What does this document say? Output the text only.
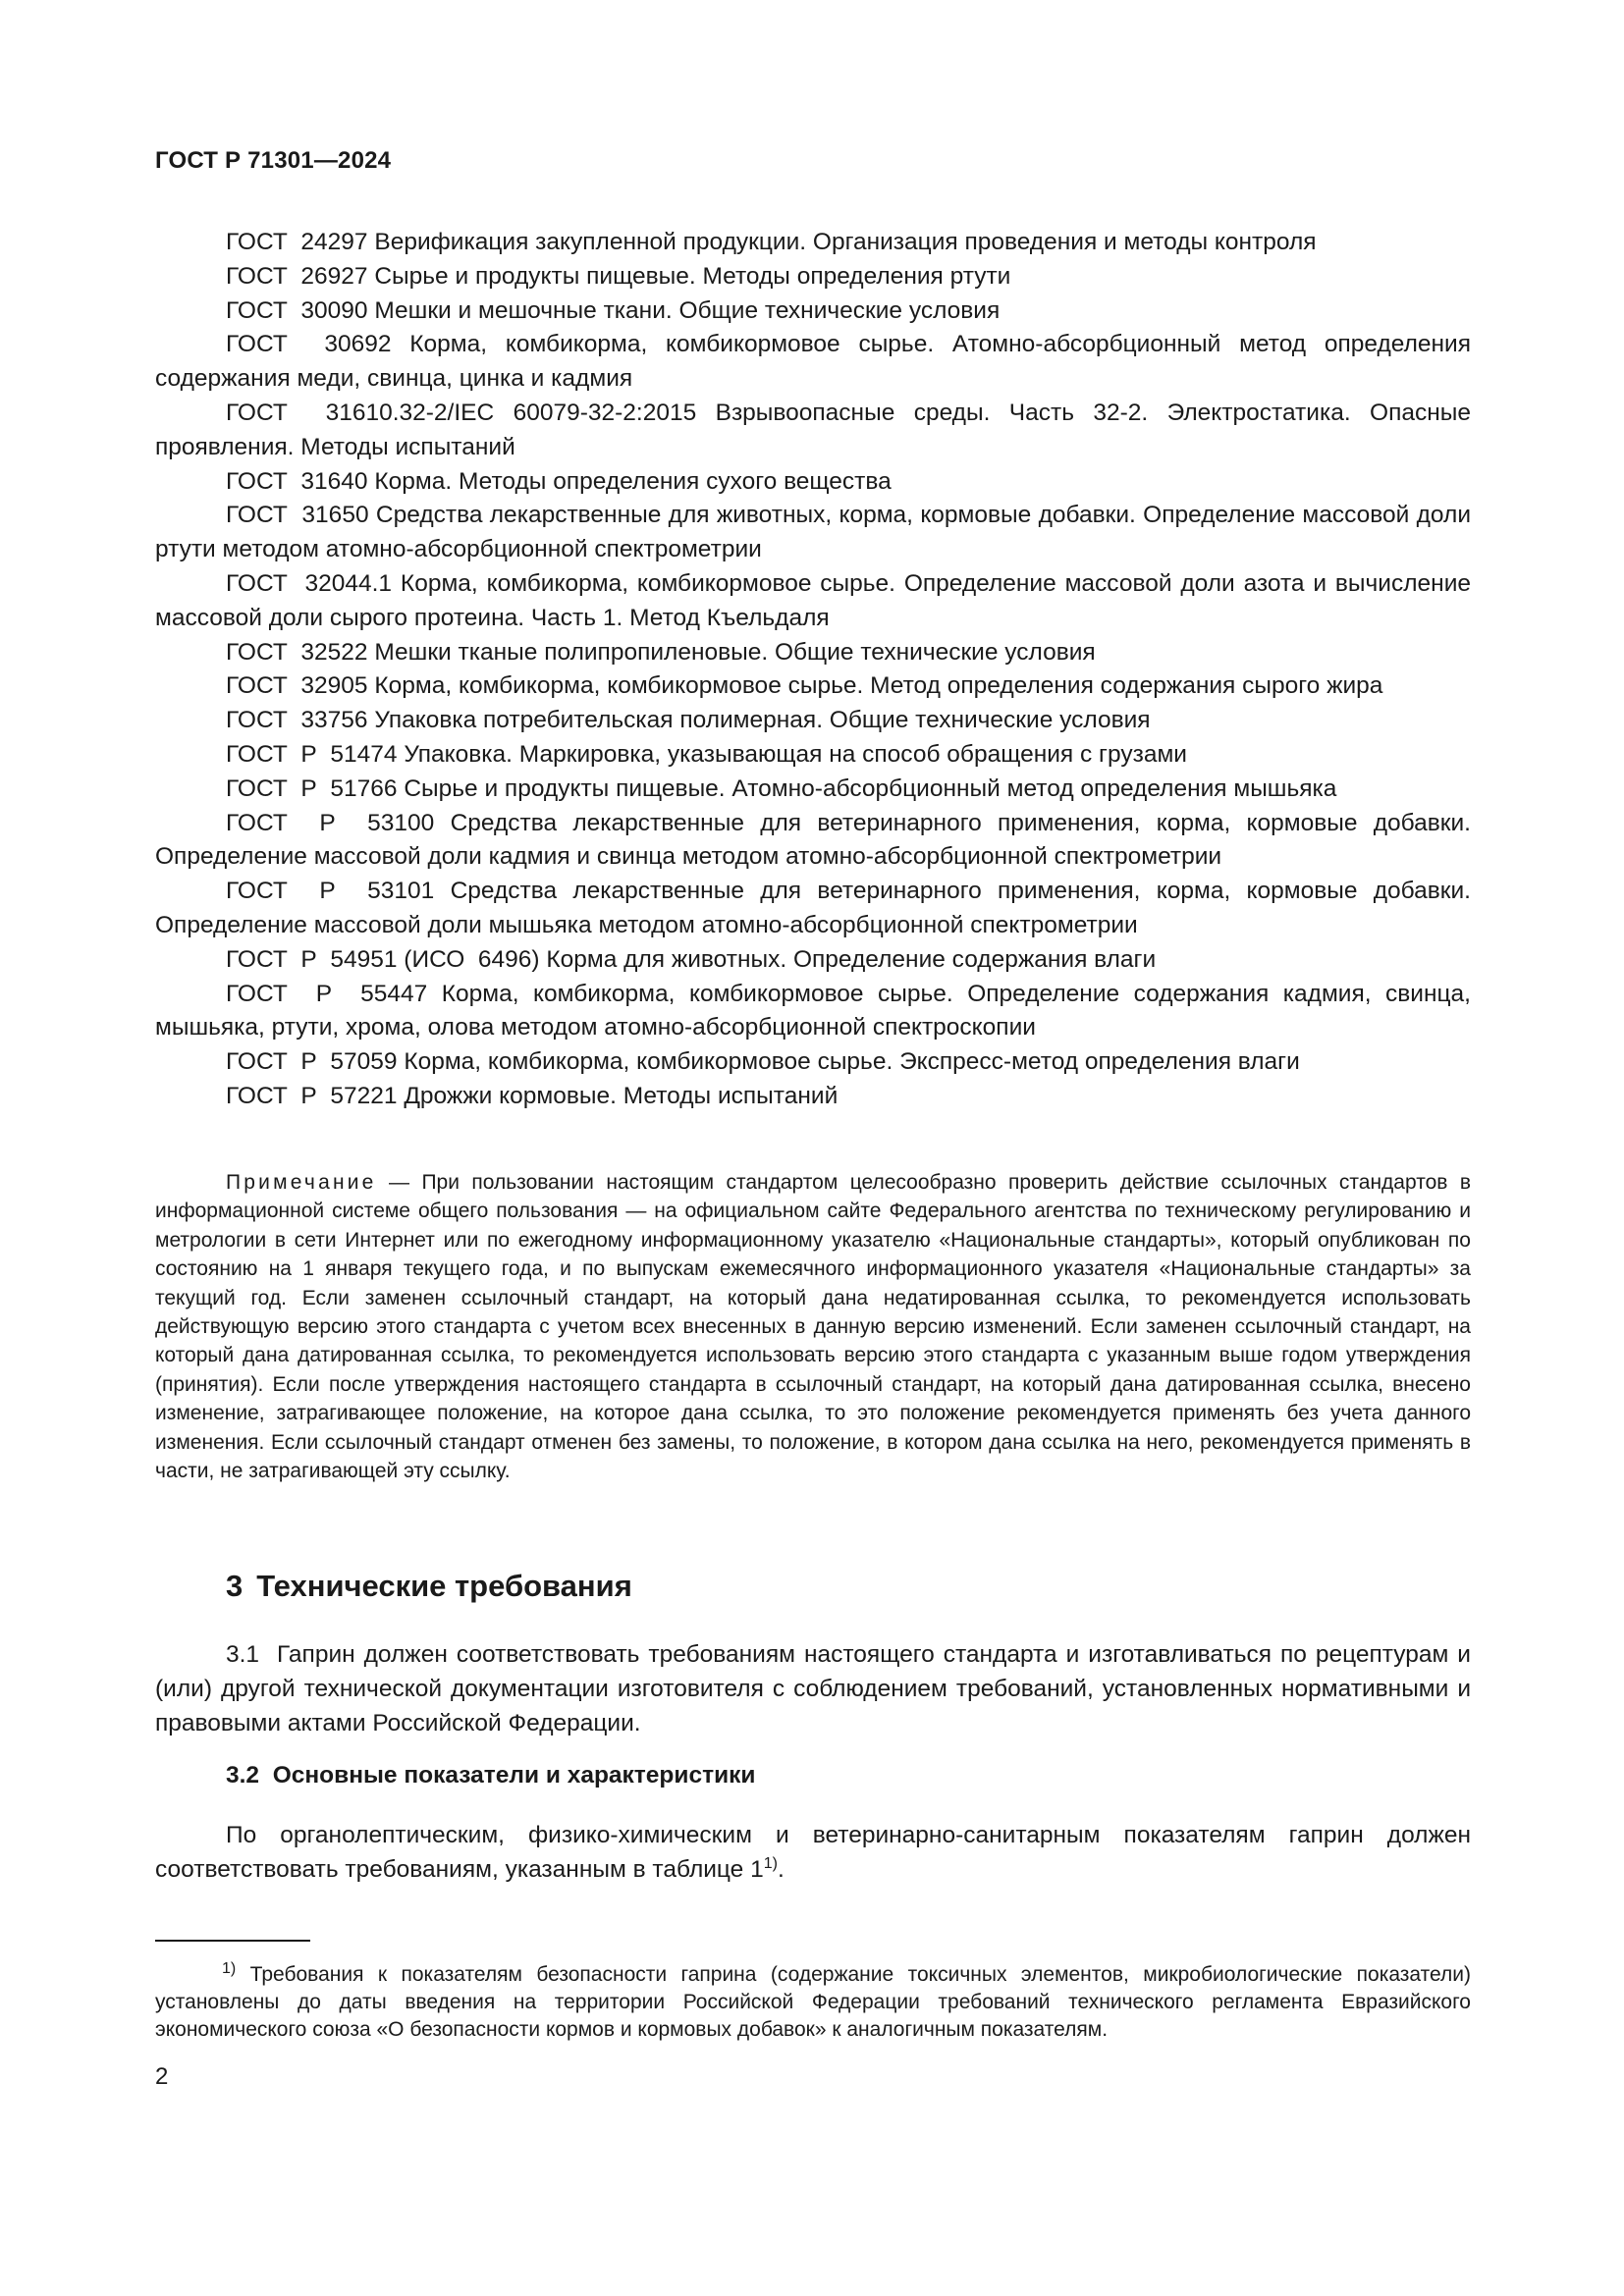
ГОСТ Р 71301—2024

ГОСТ  24297 Верификация закупленной продукции. Организация проведения и методы контроля

ГОСТ  26927 Сырье и продукты пищевые. Методы определения ртути

ГОСТ  30090 Мешки и мешочные ткани. Общие технические условия

ГОСТ  30692 Корма, комбикорма, комбикормовое сырье. Атомно-абсорбционный метод определения содержания меди, свинца, цинка и кадмия

ГОСТ  31610.32-2/IEC 60079-32-2:2015 Взрывоопасные среды. Часть 32-2. Электростатика. Опасные проявления. Методы испытаний

ГОСТ  31640 Корма. Методы определения сухого вещества

ГОСТ  31650 Средства лекарственные для животных, корма, кормовые добавки. Определение массовой доли ртути методом атомно-абсорбционной спектрометрии

ГОСТ  32044.1 Корма, комбикорма, комбикормовое сырье. Определение массовой доли азота и вычисление массовой доли сырого протеина. Часть 1. Метод Къельдаля

ГОСТ  32522 Мешки тканые полипропиленовые. Общие технические условия

ГОСТ  32905 Корма, комбикорма, комбикормовое сырье. Метод определения содержания сырого жира

ГОСТ  33756 Упаковка потребительская полимерная. Общие технические условия

ГОСТ  Р  51474 Упаковка. Маркировка, указывающая на способ обращения с грузами

ГОСТ  Р  51766 Сырье и продукты пищевые. Атомно-абсорбционный метод определения мышьяка

ГОСТ  Р  53100 Средства лекарственные для ветеринарного применения, корма, кормовые добавки. Определение массовой доли кадмия и свинца методом атомно-абсорбционной спектрометрии

ГОСТ  Р  53101 Средства лекарственные для ветеринарного применения, корма, кормовые добавки. Определение массовой доли мышьяка методом атомно-абсорбционной спектрометрии

ГОСТ  Р  54951 (ИСО  6496) Корма для животных. Определение содержания влаги

ГОСТ  Р  55447 Корма, комбикорма, комбикормовое сырье. Определение содержания кадмия, свинца, мышьяка, ртути, хрома, олова методом атомно-абсорбционной спектроскопии

ГОСТ  Р  57059 Корма, комбикорма, комбикормовое сырье. Экспресс-метод определения влаги

ГОСТ  Р  57221 Дрожжи кормовые. Методы испытаний

Примечание — При пользовании настоящим стандартом целесообразно проверить действие ссылочных стандартов в информационной системе общего пользования — на официальном сайте Федерального агентства по техническому регулированию и метрологии в сети Интернет или по ежегодному информационному указателю «Национальные стандарты», который опубликован по состоянию на 1 января текущего года, и по выпускам ежемесячного информационного указателя «Национальные стандарты» за текущий год. Если заменен ссылочный стандарт, на который дана недатированная ссылка, то рекомендуется использовать действующую версию этого стандарта с учетом всех внесенных в данную версию изменений. Если заменен ссылочный стандарт, на который дана датированная ссылка, то рекомендуется использовать версию этого стандарта с указанным выше годом утверждения (принятия). Если после утверждения настоящего стандарта в ссылочный стандарт, на который дана датированная ссылка, внесено изменение, затрагивающее положение, на которое дана ссылка, то это положение рекомендуется применять без учета данного изменения. Если ссылочный стандарт отменен без замены, то положение, в котором дана ссылка на него, рекомендуется применять в части, не затрагивающей эту ссылку.

3 Технические требования

3.1 Гаприн должен соответствовать требованиям настоящего стандарта и изготавливаться по рецептурам и (или) другой технической документации изготовителя с соблюдением требований, установленных нормативными и правовыми актами Российской Федерации.

3.2 Основные показатели и характеристики

По органолептическим, физико-химическим и ветеринарно-санитарным показателям гаприн должен соответствовать требованиям, указанным в таблице 1$^{1)}$.

$^{1)}$ Требования к показателям безопасности гаприна (содержание токсичных элементов, микробиологические показатели) установлены до даты введения на территории Российской Федерации требований технического регламента Евразийского экономического союза «О безопасности кормов и кормовых добавок» к аналогичным показателям.

2
